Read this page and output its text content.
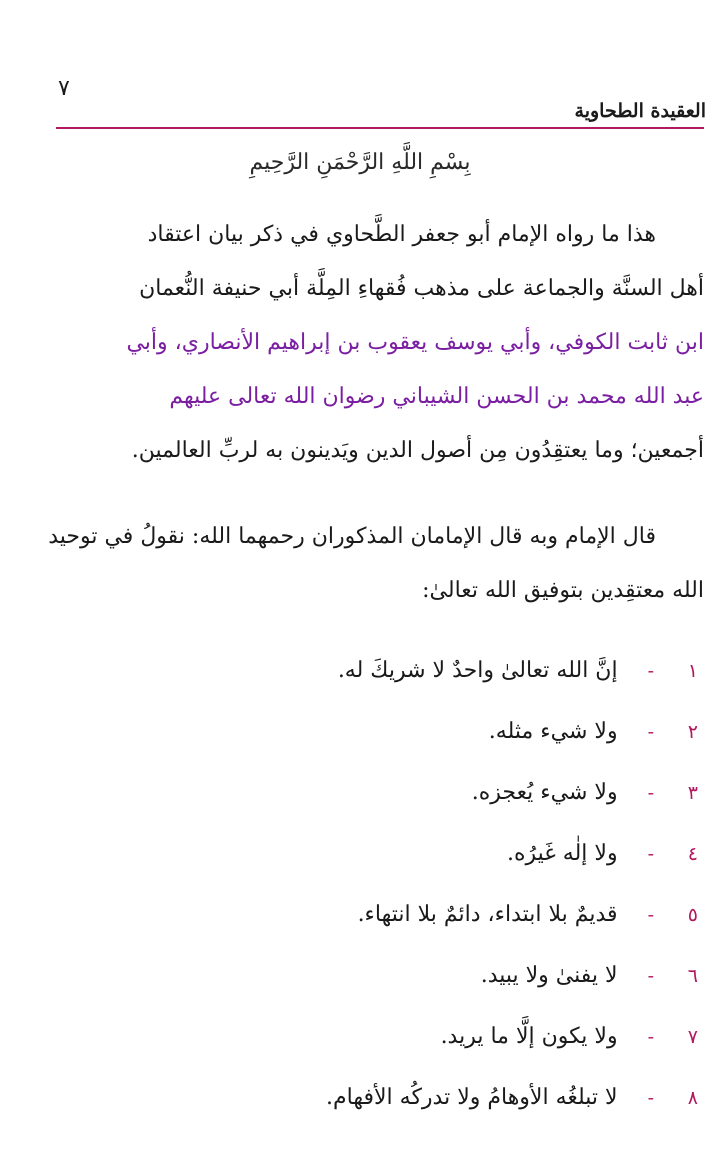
٧
العقيدة الطحاوية
بِسْمِ اللَّهِ الرَّحْمَنِ الرَّحِيمِ
هذا ما رواه الإمام أبو جعفر الطَّحاوي في ذكر بيان اعتقاد
أهل السنَّة والجماعة على مذهب فُقهاءِ المِلَّة أبي حنيفة النُّعمان
ابن ثابت الكوفي، وأبي يوسف يعقوب بن إبراهيم الأنصاري، وأبي
عبد الله محمد بن الحسن الشيباني رضوان الله تعالى عليهم
أجمعين؛ وما يعتقِدُون مِن أصول الدين ويَدينون به لربِّ العالمين.
قال الإمام وبه قال الإمامان المذكوران رحمهما الله: نقولُ في توحيد
الله معتقِدين بتوفيق الله تعالىٰ:
١
-
إنَّ الله تعالىٰ واحدٌ لا شريكَ له.
٢
-
ولا شيء مثله.
٣
-
ولا شيء يُعجزه.
٤
-
ولا إلٰه غَيرُه.
٥
-
قديمٌ بلا ابتداء، دائمٌ بلا انتهاء.
٦
-
لا يفنىٰ ولا يبيد.
٧
-
ولا يكون إلَّا ما يريد.
٨
-
لا تبلغُه الأوهامُ ولا تدركُه الأفهام.
